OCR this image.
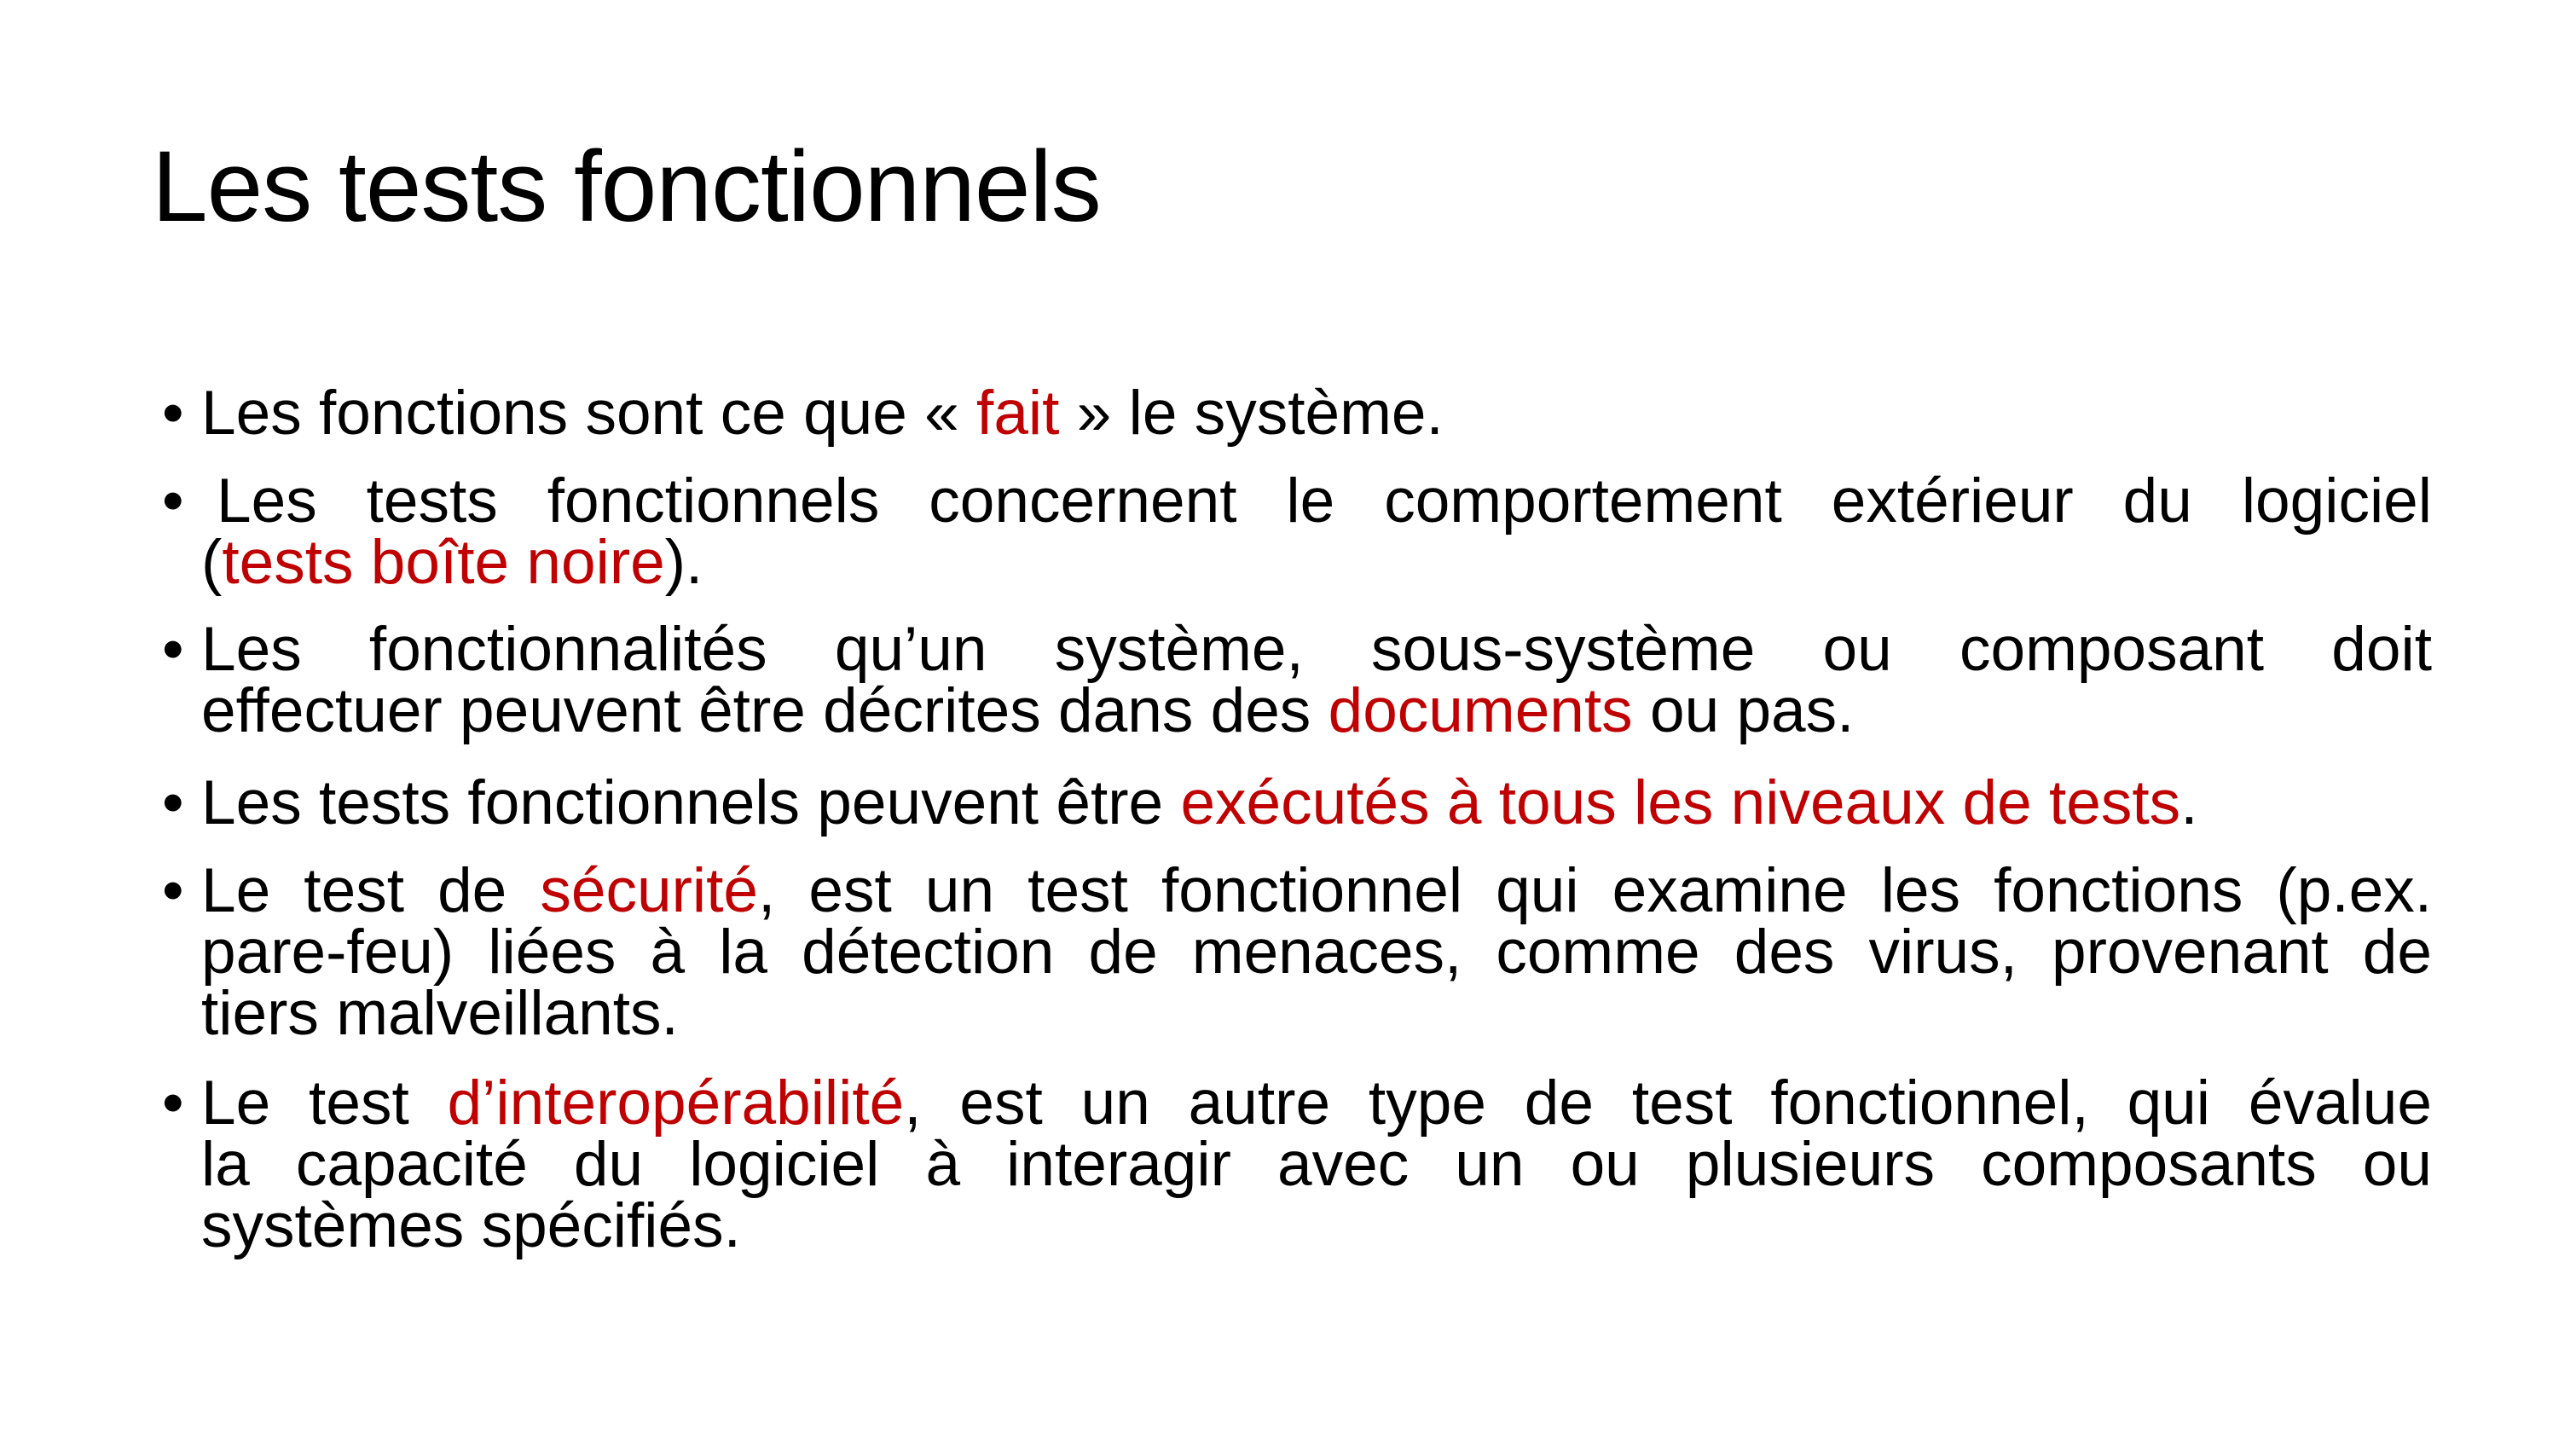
Les tests fonctionnels
• Les fonctions sont ce que « fait » le système.
• Les tests fonctionnels concernent le comportement extérieur du logiciel
(tests boîte noire).
• Les fonctionnalités qu’un système, sous-système ou composant doit
effectuer peuvent être décrites dans des documents ou pas.
• Les tests fonctionnels peuvent être exécutés à tous les niveaux de tests.
• Le test de sécurité, est un test fonctionnel qui examine les fonctions (p.ex.
pare-feu) liées à la détection de menaces, comme des virus, provenant de
tiers malveillants.
• Le test d’interopérabilité, est un autre type de test fonctionnel, qui évalue
la capacité du logiciel à interagir avec un ou plusieurs composants ou
systèmes spécifiés.
